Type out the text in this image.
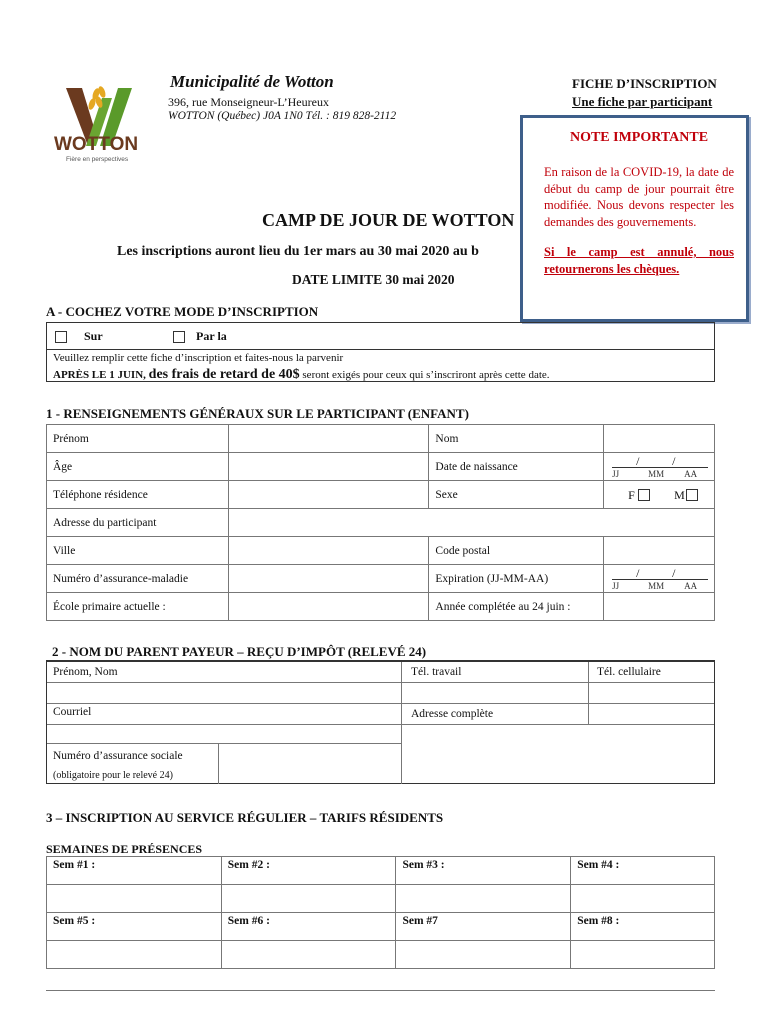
WOTTON
Fière en perspectives
Municipalité de Wotton
396, rue Monseigneur-L’Heureux
WOTTON (Québec) J0A 1N0 Tél. : 819 828-2112
FICHE D’INSCRIPTION
Une fiche par participant
CAMP DE JOUR DE WOTTON
Les inscriptions auront lieu du 1er mars au 30 mai 2020 au b
DATE LIMITE 30 mai 2020
NOTE IMPORTANTE
En raison de la COVID-19, la date de début du camp de jour pourrait être modifiée. Nous devons respecter les demandes des gouvernements.
Si le camp est annulé, nous retournerons les chèques.
A - COCHEZ VOTRE MODE D’INSCRIPTION
Sur	Par la
Veuillez remplir cette fiche d’inscription et faites-nous la parvenir
APRÈS LE 1 JUIN, des frais de retard de 40$ seront exigés pour ceux qui s’inscriront après cette date.
1 - RENSEIGNEMENTS GÉNÉRAUX SUR LE PARTICIPANT (ENFANT)
Prénom		Nom	
Âge		Date de naissance	/ /
JJ MM AA

Téléphone résidence		Sexe	F M

Adresse du participant			
Ville		Code postal	
Numéro d’assurance-maladie		Expiration (JJ-MM-AA)	/ /
JJ MM AA

École primaire actuelle :		Année complétée au 24 juin :	
2 - NOM DU PARENT PAYEUR – REÇU D’IMPÔT (RELEVÉ 24)
Prénom, Nom	Tél. travail	Tél. cellulaire
Courriel	Adresse complète
Numéro d’assurance sociale
(obligatoire pour le relevé 24)
3 – INSCRIPTION AU SERVICE RÉGULIER – TARIFS RÉSIDENTS
SEMAINES DE PRÉSENCES
Sem #1 :	Sem #2 :	Sem #3 :	Sem #4 :

Sem #5 :	Sem #6 :	Sem #7	Sem #8 :
